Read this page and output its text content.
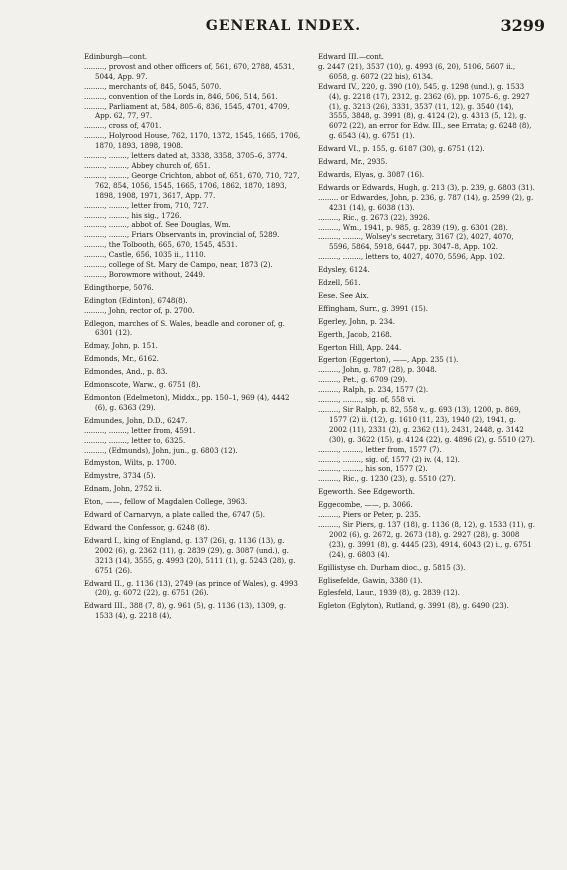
GENERAL INDEX.	3299

Edinburgh—cont.

........., provost and other officers of, 561, 670, 2788, 4531, 5044, App. 97.

........., merchants of, 845, 5045, 5070.

........., convention of the Lords in, 846, 506, 514, 561.

........., Parliament at, 584, 805–6, 836, 1545, 4701, 4709, App. 62, 77, 97.

........., cross of, 4701.

........., Holyrood House, 762, 1170, 1372, 1545, 1665, 1706, 1870, 1893, 1898, 1908.

........., ........, letters dated at, 3338, 3358, 3705–6, 3774.

........., ........, Abbey church of, 651.

........., ........, George Crichton, abbot of, 651, 670, 710, 727, 762, 854, 1056, 1545, 1665, 1706, 1862, 1870, 1893, 1898, 1908, 1971, 3617, App. 77.

........., ........, letter from, 710, 727.

........., ........, his sig., 1726.

........., ........, abbot of. See Douglas, Wm.

........., ........, Friars Observants in, provincial of, 5289.

........., the Tolbooth, 665, 670, 1545, 4531.

........., Castle, 656, 1035 ii., 1110.

........., college of St. Mary de Campo, near, 1873 (2).

........., Borowmore without, 2449.

Edingthorpe, 5076.

Edington (Edinton), 6748(8).

........., John, rector of, p. 2700.

Edlegon, marches of S. Wales, beadle and coroner of, g. 6301 (12).

Edmay, John, p. 151.

Edmonds, Mr., 6162.

Edmondes, And., p. 83.

Edmonscote, Warw., g. 6751 (8).

Edmonton (Edelmeton), Middx., pp. 150–1, 969 (4), 4442 (6), g. 6363 (29).

Edmundes, John, D.D., 6247.

........., ........, letter from, 4591.

........., ........, letter to, 6325.

........., (Edmunds), John, jun., g. 6803 (12).

Edmyston, Wilts, p. 1700.

Edmystre, 3734 (5).

Ednam, John, 2752 ii.

Eton, ——, fellow of Magdalen College, 3963.

Edward of Carnarvyn, a plate called the, 6747 (5).

Edward the Confessor, g. 6248 (8).

Edward I., king of England, g. 137 (26), g. 1136 (13), g. 2002 (6), g. 2362 (11), g. 2839 (29), g. 3087 (und.), g. 3213 (14), 3555, g. 4993 (20), 5111 (1), g. 5243 (28), g. 6751 (26).

Edward II., g. 1136 (13), 2749 (as prince of Wales), g. 4993 (20), g. 6072 (22), g. 6751 (26).

Edward III., 388 (7, 8), g. 961 (5), g. 1136 (13), 1309, g. 1533 (4), g. 2218 (4),

Edward III.—cont.

g. 2447 (21), 3537 (10), g. 4993 (6, 20), 5106, 5607 ii., 6058, g. 6072 (22 bis), 6134.

Edward IV., 220, g. 390 (10), 545, g. 1298 (und.), g. 1533 (4), g. 2218 (17), 2312, g. 2362 (6), pp. 1075–6, g. 2927 (1), g. 3213 (26), 3331, 3537 (11, 12), g. 3540 (14), 3555, 3848, g. 3991 (8), g. 4124 (2), g. 4313 (5, 12), g. 6072 (22), an error for Edw. III., see Errata; g. 6248 (8), g. 6543 (4), g. 6751 (1).

Edward VI., p. 155, g. 6187 (30), g. 6751 (12).

Edward, Mr., 2935.

Edwards, Elyas, g. 3087 (16).

Edwards or Edwards, Hugh, g. 213 (3), p. 239, g. 6803 (31).

......... or Edwardes, John, p. 236, g. 787 (14), g. 2599 (2), g. 4231 (14), g. 6038 (13).

........., Ric., g. 2673 (22), 3926.

........., Wm., 1941, p. 985, g. 2839 (19), g. 6301 (28).

........., ........, Wolsey's secretary, 3167 (2), 4027, 4070, 5596, 5864, 5918, 6447, pp. 3047–8, App. 102.

........., ........, letters to, 4027, 4070, 5596, App. 102.

Edysley, 6124.

Edzell, 561.

Eese. See Aix.

Effingham, Surr., g. 3991 (15).

Egerley, John, p. 234.

Egerth, Jacob, 2168.

Egerton Hill, App. 244.

Egerton (Eggerton), ——, App. 235 (1).

........., John, g. 787 (28), p. 3048.

........., Pet., g. 6709 (29).

........., Ralph, p. 234, 1577 (2).

........., ........, sig. of, 558 vi.

........., Sir Ralph, p. 82, 558 v., g. 693 (13), 1200, p. 869, 1577 (2) ii. (12), g. 1610 (11, 23), 1940 (2), 1941, g. 2002 (11), 2331 (2), g. 2362 (11), 2431, 2448, g. 3142 (30), g. 3622 (15), g. 4124 (22), g. 4896 (2), g. 5510 (27).

........., ........, letter from, 1577 (7).

........., ........, sig. of, 1577 (2) iv. (4, 12).

........., ........, his son, 1577 (2).

........., Ric., g. 1230 (23), g. 5510 (27).

Egeworth. See Edgeworth.

Eggecombe, ——, p. 3066.

........., Piers or Peter, p. 235.

........., Sir Piers, g. 137 (18), g. 1136 (8, 12), g. 1533 (11), g. 2002 (6), g. 2672, g. 2673 (18), g. 2927 (28), g. 3008 (23), g. 3991 (8), g. 4445 (23), 4914, 6043 (2) i., g. 6751 (24), g. 6803 (4).

Egillistyse ch. Durham dioc., g. 5815 (3).

Eglisefelde, Gawin, 3380 (1).

Eglesfeld, Laur., 1939 (8), g. 2839 (12).

Egleton (Eglyton), Rutland, g. 3991 (8), g. 6490 (23).
